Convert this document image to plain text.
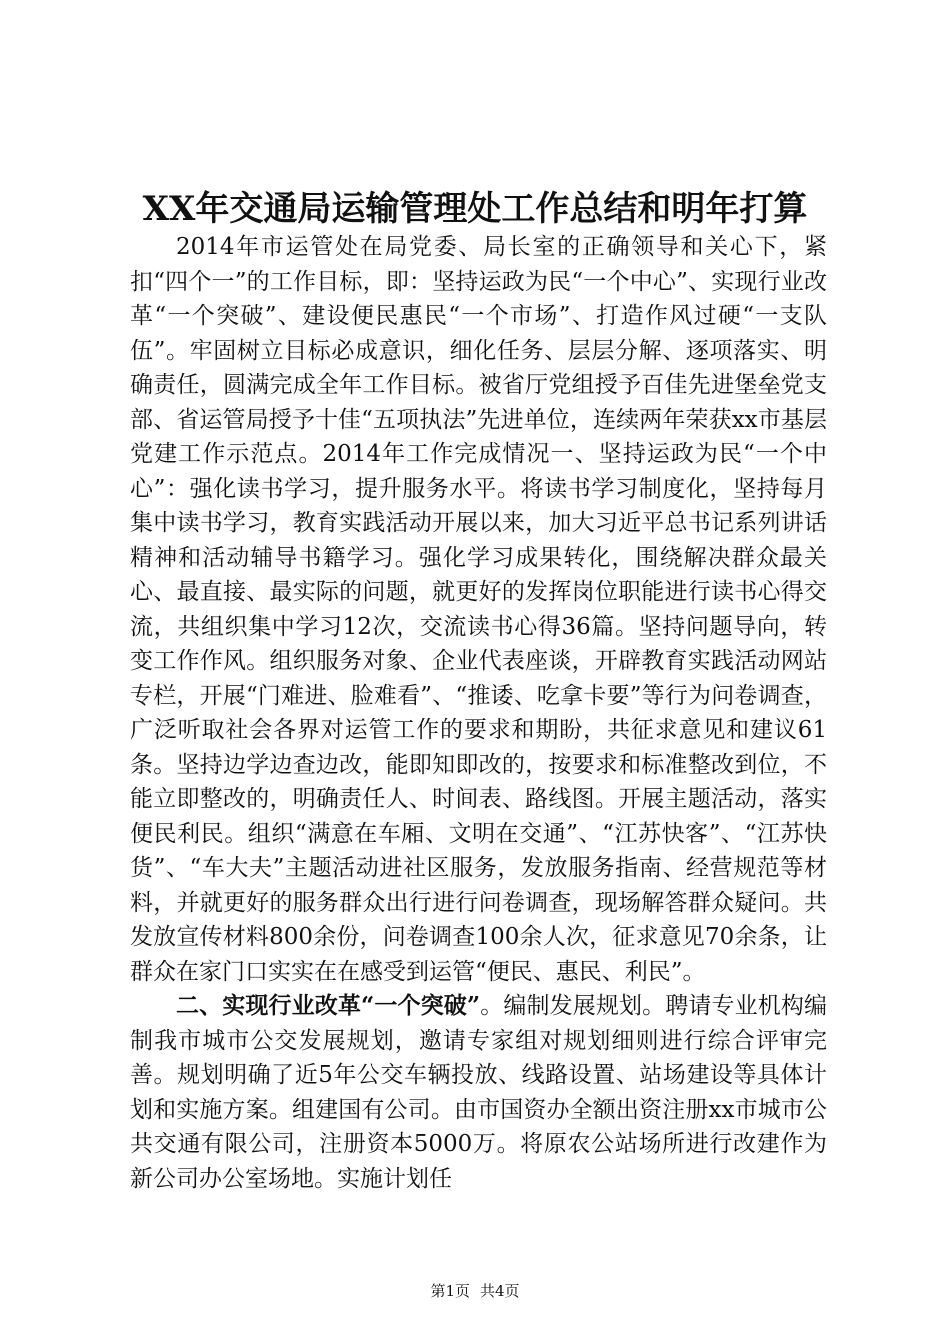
XX年交通局运输管理处工作总结和明年打算

2014年市运管处在局党委、局长室的正确领导和关心下，紧扣“四个一”的工作目标，即：坚持运政为民“一个中心”、实现行业改革“一个突破”、建设便民惠民“一个市场”、打造作风过硬“一支队伍”。牢固树立目标必成意识，细化任务、层层分解、逐项落实、明确责任，圆满完成全年工作目标。被省厅党组授予百佳先进堡垒党支部、省运管局授予十佳“五项执法”先进单位，连续两年荣获xx市基层党建工作示范点。2014年工作完成情况一、坚持运政为民“一个中心”：强化读书学习，提升服务水平。将读书学习制度化，坚持每月集中读书学习，教育实践活动开展以来，加大习近平总书记系列讲话精神和活动辅导书籍学习。强化学习成果转化，围绕解决群众最关心、最直接、最实际的问题，就更好的发挥岗位职能进行读书心得交流，共组织集中学习12次，交流读书心得36篇。坚持问题导向，转变工作作风。组织服务对象、企业代表座谈，开辟教育实践活动网站专栏，开展“门难进、脸难看”、“推诿、吃拿卡要”等行为问卷调查，广泛听取社会各界对运管工作的要求和期盼，共征求意见和建议61条。坚持边学边查边改，能即知即改的，按要求和标准整改到位，不能立即整改的，明确责任人、时间表、路线图。开展主题活动，落实便民利民。组织“满意在车厢、文明在交通”、“江苏快客”、“江苏快货”、“车大夫”主题活动进社区服务，发放服务指南、经营规范等材料，并就更好的服务群众出行进行问卷调查，现场解答群众疑问。共发放宣传材料800余份，问卷调查100余人次，征求意见70余条，让群众在家门口实实在在感受到运管“便民、惠民、利民”。

二、实现行业改革“一个突破”。编制发展规划。聘请专业机构编制我市城市公交发展规划，邀请专家组对规划细则进行综合评审完善。规划明确了近5年公交车辆投放、线路设置、站场建设等具体计划和实施方案。组建国有公司。由市国资办全额出资注册xx市城市公共交通有限公司，注册资本5000万。将原农公站场所进行改建作为新公司办公室场地。实施计划任

第1页 共4页
